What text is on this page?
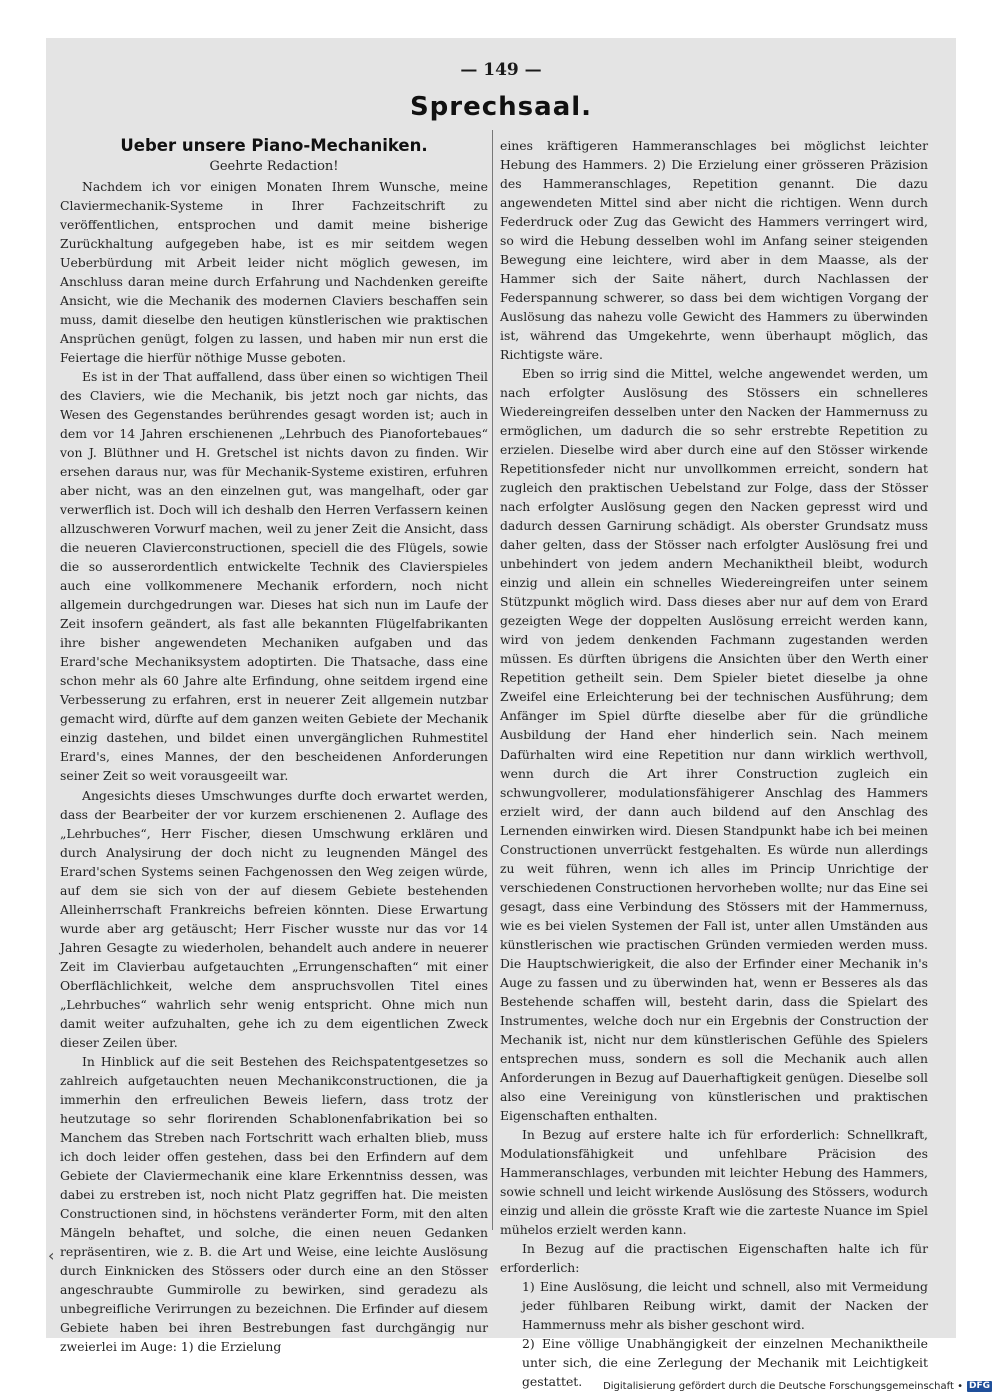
— 149 —
Sprechsaal.
Ueber unsere Piano-Mechaniken.
Geehrte Redaction!

Nachdem ich vor einigen Monaten Ihrem Wunsche, meine Claviermechanik-Systeme in Ihrer Fachzeitschrift zu veröffentlichen, entsprochen und damit meine bisherige Zurückhaltung aufgegeben habe, ist es mir seitdem wegen Ueberbürdung mit Arbeit leider nicht möglich gewesen, im Anschluss daran meine durch Erfahrung und Nachdenken gereifte Ansicht, wie die Mechanik des modernen Claviers beschaffen sein muss, damit dieselbe den heutigen künstlerischen wie praktischen Ansprüchen genügt, folgen zu lassen, und haben mir nun erst die Feiertage die hierfür nöthige Musse geboten.

Es ist in der That auffallend, dass über einen so wichtigen Theil des Claviers, wie die Mechanik, bis jetzt noch gar nichts, das Wesen des Gegenstandes berührendes gesagt worden ist; auch in dem vor 14 Jahren erschienenen „Lehrbuch des Pianofortebaues“ von J. Blüthner und H. Gretschel ist nichts davon zu finden. Wir ersehen daraus nur, was für Mechanik-Systeme existiren, erfuhren aber nicht, was an den einzelnen gut, was mangelhaft, oder gar verwerflich ist. Doch will ich deshalb den Herren Verfassern keinen allzuschweren Vorwurf machen, weil zu jener Zeit die Ansicht, dass die neueren Clavierconstructionen, speciell die des Flügels, sowie die so ausserordentlich entwickelte Technik des Clavierspieles auch eine vollkommenere Mechanik erfordern, noch nicht allgemein durchgedrungen war. Dieses hat sich nun im Laufe der Zeit insofern geändert, als fast alle bekannten Flügelfabrikanten ihre bisher angewendeten Mechaniken aufgaben und das Erard'sche Mechaniksystem adoptirten. Die Thatsache, dass eine schon mehr als 60 Jahre alte Erfindung, ohne seitdem irgend eine Verbesserung zu erfahren, erst in neuerer Zeit allgemein nutzbar gemacht wird, dürfte auf dem ganzen weiten Gebiete der Mechanik einzig dastehen, und bildet einen unvergänglichen Ruhmestitel Erard's, eines Mannes, der den bescheidenen Anforderungen seiner Zeit so weit vorausgeeilt war.

Angesichts dieses Umschwunges durfte doch erwartet werden, dass der Bearbeiter der vor kurzem erschienenen 2. Auflage des „Lehrbuches“, Herr Fischer, diesen Umschwung erklären und durch Analysirung der doch nicht zu leugnenden Mängel des Erard'schen Systems seinen Fachgenossen den Weg zeigen würde, auf dem sie sich von der auf diesem Gebiete bestehenden Alleinherrschaft Frankreichs befreien könnten. Diese Erwartung wurde aber arg getäuscht; Herr Fischer wusste nur das vor 14 Jahren Gesagte zu wiederholen, behandelt auch andere in neuerer Zeit im Clavierbau aufgetauchten „Errungenschaften“ mit einer Oberflächlichkeit, welche dem anspruchsvollen Titel eines „Lehrbuches“ wahrlich sehr wenig entspricht. Ohne mich nun damit weiter aufzuhalten, gehe ich zu dem eigentlichen Zweck dieser Zeilen über.

In Hinblick auf die seit Bestehen des Reichspatentgesetzes so zahlreich aufgetauchten neuen Mechanikconstructionen, die ja immerhin den erfreulichen Beweis liefern, dass trotz der heutzutage so sehr florirenden Schablonenfabrikation bei so Manchem das Streben nach Fortschritt wach erhalten blieb, muss ich doch leider offen gestehen, dass bei den Erfindern auf dem Gebiete der Claviermechanik eine klare Erkenntniss dessen, was dabei zu erstreben ist, noch nicht Platz gegriffen hat. Die meisten Constructionen sind, in höchstens veränderter Form, mit den alten Mängeln behaftet, und solche, die einen neuen Gedanken repräsentiren, wie z. B. die Art und Weise, eine leichte Auslösung durch Einknicken des Stössers oder durch eine an den Stösser angeschraubte Gummirolle zu bewirken, sind geradezu als unbegreifliche Verirrungen zu bezeichnen. Die Erfinder auf diesem Gebiete haben bei ihren Bestrebungen fast durchgängig nur zweierlei im Auge: 1) die Erzielung

eines kräftigeren Hammeranschlages bei möglichst leichter Hebung des Hammers. 2) Die Erzielung einer grösseren Präzision des Hammeranschlages, Repetition genannt. Die dazu angewendeten Mittel sind aber nicht die richtigen. Wenn durch Federdruck oder Zug das Gewicht des Hammers verringert wird, so wird die Hebung desselben wohl im Anfang seiner steigenden Bewegung eine leichtere, wird aber in dem Maasse, als der Hammer sich der Saite nähert, durch Nachlassen der Federspannung schwerer, so dass bei dem wichtigen Vorgang der Auslösung das nahezu volle Gewicht des Hammers zu überwinden ist, während das Umgekehrte, wenn überhaupt möglich, das Richtigste wäre.

Eben so irrig sind die Mittel, welche angewendet werden, um nach erfolgter Auslösung des Stössers ein schnelleres Wiedereingreifen desselben unter den Nacken der Hammernuss zu ermöglichen, um dadurch die so sehr erstrebte Repetition zu erzielen. Dieselbe wird aber durch eine auf den Stösser wirkende Repetitionsfeder nicht nur unvollkommen erreicht, sondern hat zugleich den praktischen Uebelstand zur Folge, dass der Stösser nach erfolgter Auslösung gegen den Nacken gepresst wird und dadurch dessen Garnirung schädigt. Als oberster Grundsatz muss daher gelten, dass der Stösser nach erfolgter Auslösung frei und unbehindert von jedem andern Mechaniktheil bleibt, wodurch einzig und allein ein schnelles Wiedereingreifen unter seinem Stützpunkt möglich wird. Dass dieses aber nur auf dem von Erard gezeigten Wege der doppelten Auslösung erreicht werden kann, wird von jedem denkenden Fachmann zugestanden werden müssen. Es dürften übrigens die Ansichten über den Werth einer Repetition getheilt sein. Dem Spieler bietet dieselbe ja ohne Zweifel eine Erleichterung bei der technischen Ausführung; dem Anfänger im Spiel dürfte dieselbe aber für die gründliche Ausbildung der Hand eher hinderlich sein. Nach meinem Dafürhalten wird eine Repetition nur dann wirklich werthvoll, wenn durch die Art ihrer Construction zugleich ein schwungvollerer, modulationsfähigerer Anschlag des Hammers erzielt wird, der dann auch bildend auf den Anschlag des Lernenden einwirken wird. Diesen Standpunkt habe ich bei meinen Constructionen unverrückt festgehalten. Es würde nun allerdings zu weit führen, wenn ich alles im Princip Unrichtige der verschiedenen Constructionen hervorheben wollte; nur das Eine sei gesagt, dass eine Verbindung des Stössers mit der Hammernuss, wie es bei vielen Systemen der Fall ist, unter allen Umständen aus künstlerischen wie practischen Gründen vermieden werden muss. Die Hauptschwierigkeit, die also der Erfinder einer Mechanik in's Auge zu fassen und zu überwinden hat, wenn er Besseres als das Bestehende schaffen will, besteht darin, dass die Spielart des Instrumentes, welche doch nur ein Ergebnis der Construction der Mechanik ist, nicht nur dem künstlerischen Gefühle des Spielers entsprechen muss, sondern es soll die Mechanik auch allen Anforderungen in Bezug auf Dauerhaftigkeit genügen. Dieselbe soll also eine Vereinigung von künstlerischen und praktischen Eigenschaften enthalten.

In Bezug auf erstere halte ich für erforderlich: Schnellkraft, Modulationsfähigkeit und unfehlbare Präcision des Hammeranschlages, verbunden mit leichter Hebung des Hammers, sowie schnell und leicht wirkende Auslösung des Stössers, wodurch einzig und allein die grösste Kraft wie die zarteste Nuance im Spiel mühelos erzielt werden kann.

In Bezug auf die practischen Eigenschaften halte ich für erforderlich:

1) Eine Auslösung, die leicht und schnell, also mit Vermeidung jeder fühlbaren Reibung wirkt, damit der Nacken der Hammernuss mehr als bisher geschont wird.

2) Eine völlige Unabhängigkeit der einzelnen Mechaniktheile unter sich, die eine Zerlegung der Mechanik mit Leichtigkeit gestattet.

‹
Digitalisierung gefördert durch die Deutsche Forschungsgemeinschaft • DFG
